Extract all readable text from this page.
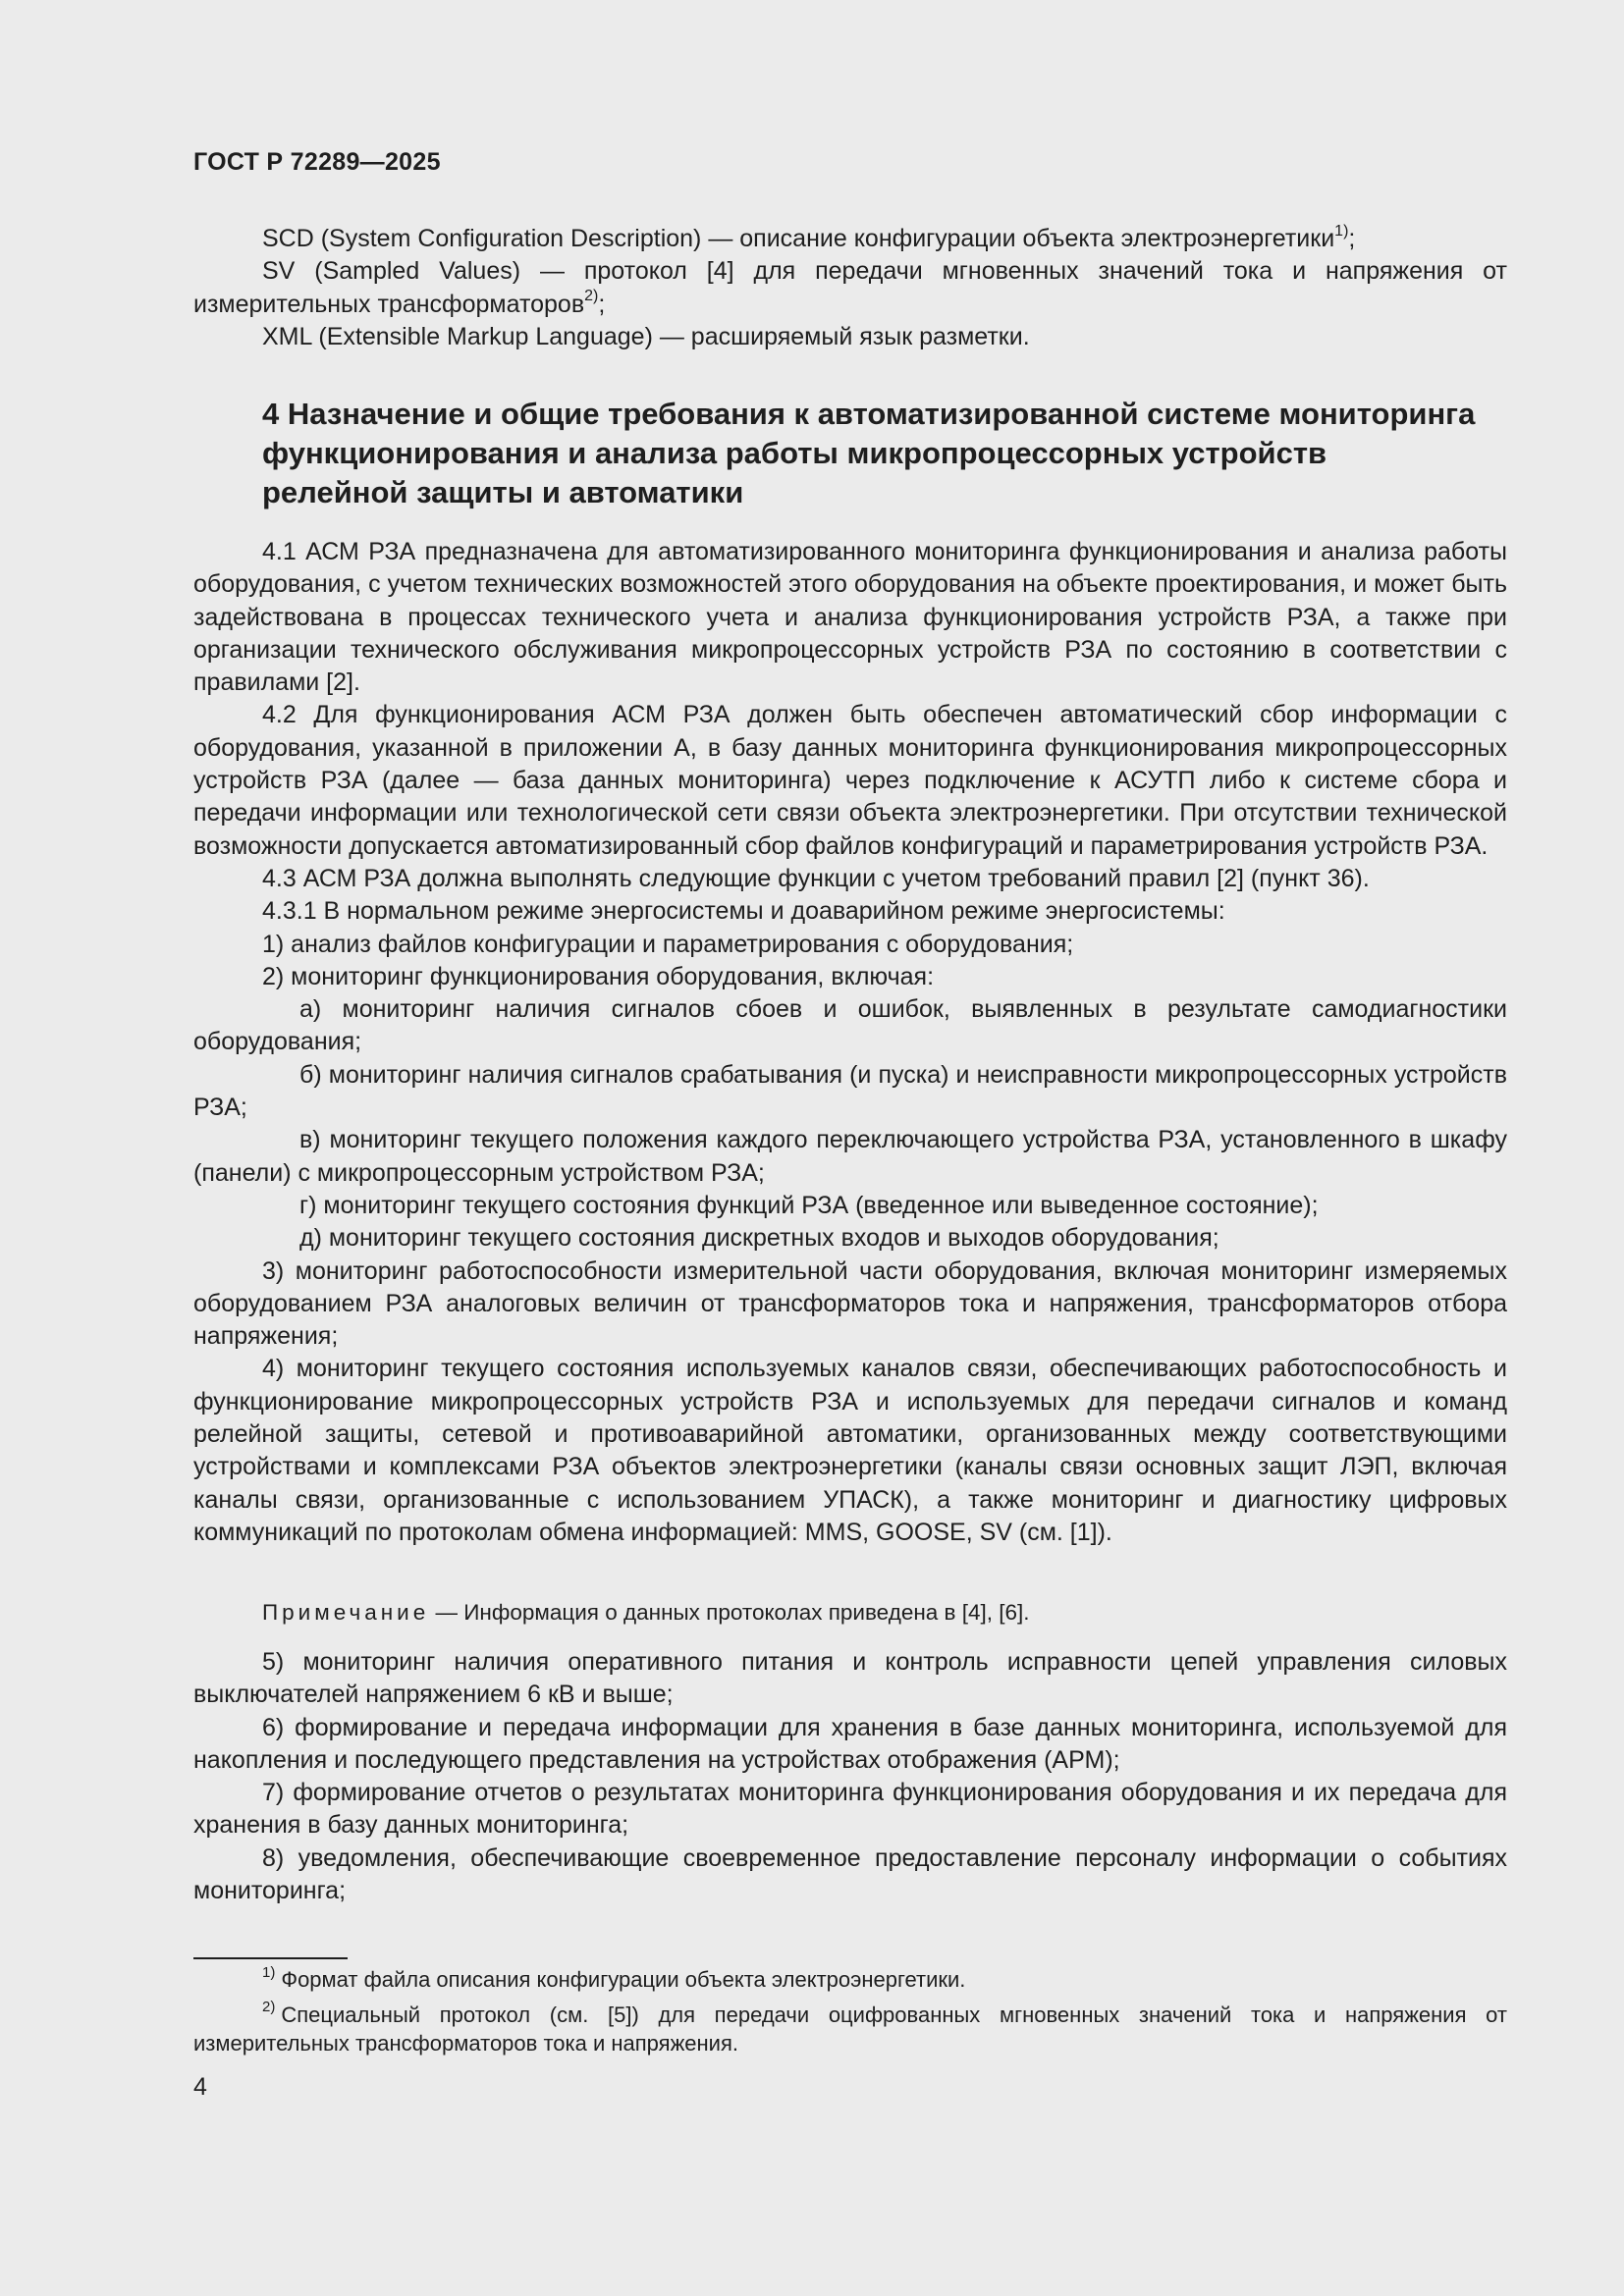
ГОСТ Р 72289—2025

SCD (System Configuration Description) — описание конфигурации объекта электроэнергетики$^{1)}$;

SV (Sampled Values) — протокол [4] для передачи мгновенных значений тока и напряжения от измерительных трансформаторов$^{2)}$;

XML (Extensible Markup Language) — расширяемый язык разметки.

4 Назначение и общие требования к автоматизированной системе мониторинга функционирования и анализа работы микропроцессорных устройств релейной защиты и автоматики

4.1 АСМ РЗА предназначена для автоматизированного мониторинга функционирования и анализа работы оборудования, с учетом технических возможностей этого оборудования на объекте проектирования, и может быть задействована в процессах технического учета и анализа функционирования устройств РЗА, а также при организации технического обслуживания микропроцессорных устройств РЗА по состоянию в соответствии с правилами [2].

4.2 Для функционирования АСМ РЗА должен быть обеспечен автоматический сбор информации с оборудования, указанной в приложении А, в базу данных мониторинга функционирования микропроцессорных устройств РЗА (далее — база данных мониторинга) через подключение к АСУТП либо к системе сбора и передачи информации или технологической сети связи объекта электроэнергетики. При отсутствии технической возможности допускается автоматизированный сбор файлов конфигураций и параметрирования устройств РЗА.

4.3 АСМ РЗА должна выполнять следующие функции с учетом требований правил [2] (пункт 36).

4.3.1 В нормальном режиме энергосистемы и доаварийном режиме энергосистемы:

1) анализ файлов конфигурации и параметрирования с оборудования;

2) мониторинг функционирования оборудования, включая:

а) мониторинг наличия сигналов сбоев и ошибок, выявленных в результате самодиагностики оборудования;

б) мониторинг наличия сигналов срабатывания (и пуска) и неисправности микропроцессорных устройств РЗА;

в) мониторинг текущего положения каждого переключающего устройства РЗА, установленного в шкафу (панели) с микропроцессорным устройством РЗА;

г) мониторинг текущего состояния функций РЗА (введенное или выведенное состояние);

д) мониторинг текущего состояния дискретных входов и выходов оборудования;

3) мониторинг работоспособности измерительной части оборудования, включая мониторинг измеряемых оборудованием РЗА аналоговых величин от трансформаторов тока и напряжения, трансформаторов отбора напряжения;

4) мониторинг текущего состояния используемых каналов связи, обеспечивающих работоспособность и функционирование микропроцессорных устройств РЗА и используемых для передачи сигналов и команд релейной защиты, сетевой и противоаварийной автоматики, организованных между соответствующими устройствами и комплексами РЗА объектов электроэнергетики (каналы связи основных защит ЛЭП, включая каналы связи, организованные с использованием УПАСК), а также мониторинг и диагностику цифровых коммуникаций по протоколам обмена информацией: MMS, GOOSE, SV (см. [1]).

Примечание — Информация о данных протоколах приведена в [4], [6].

5) мониторинг наличия оперативного питания и контроль исправности цепей управления силовых выключателей напряжением 6 кВ и выше;

6) формирование и передача информации для хранения в базе данных мониторинга, используемой для накопления и последующего представления на устройствах отображения (АРМ);

7) формирование отчетов о результатах мониторинга функционирования оборудования и их передача для хранения в базу данных мониторинга;

8) уведомления, обеспечивающие своевременное предоставление персоналу информации о событиях мониторинга;

$^{1)}$ Формат файла описания конфигурации объекта электроэнергетики.

$^{2)}$ Специальный протокол (см. [5]) для передачи оцифрованных мгновенных значений тока и напряжения от измерительных трансформаторов тока и напряжения.

4
